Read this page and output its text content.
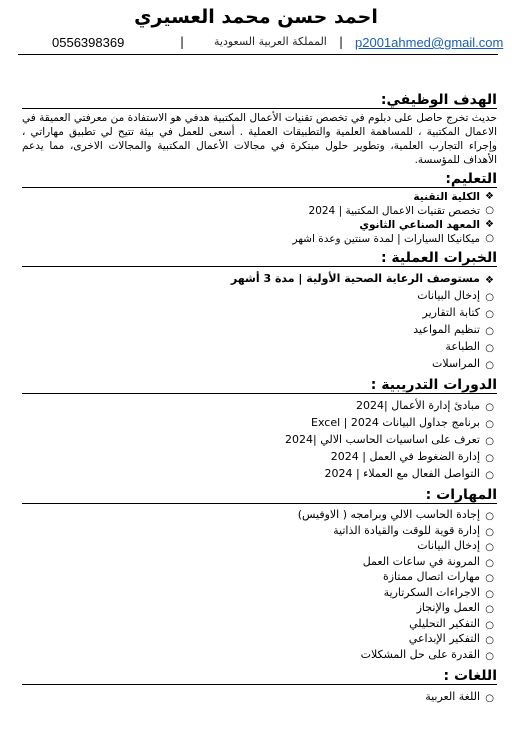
احمد حسن محمد العسيري
0556398369	|	المملكة العربية السعودية | p2001ahmed@gmail.com
الهدف الوظيفي:

حديث تخرج حاصل على دبلوم في تخصص تقنيات الأعمال المكتبية هدفي هو الاستفادة من معرفتي العميقة في الاعمال المكتبية ، للمساهمة العلمية والتطبيقات العملية . أسعى للعمل في بيئة تتيح لي تطبيق مهاراتي ، وإجراء التجارب العلمية، وتطوير حلول مبتكرة في مجالات الأعمال المكتبية والمجالات الاخرى، مما يدعم الأهداف للمؤسسة.

التعليم:
❖
الكلية التقنية
○
تخصص تقنيات الاعمال المكتبية | 2024
❖
المعهد الصناعي الثانوي
○
ميكانيكا السيارات | لمدة سنتين وعدة اشهر
الخبرات العملية :
❖
مستوصف الرعاية الصحية الأولية | مدة 3 أشهر
○
إدخال البيانات
○
كتابة التقارير
○
تنظيم المواعيد
○
الطباعة
○
المراسلات
الدورات التدريبية :
○
مبادئ إدارة الأعمال |2024
○
برنامج جداول البيانات Excel | 2024
○
تعرف على اساسيات الحاسب الالي |2024
○
إدارة الضغوط في العمل | 2024
○
التواصل الفعال مع العملاء | 2024
المهارات :
○
إجادة الحاسب الالي وبرامجه ( الاوفيس)
○
إدارة قوية للوقت والقيادة الذاتية
○
إدخال البيانات
○
المرونة في ساعات العمل
○
مهارات اتصال ممتازة
○
الاجراءات السكرتارية
○
العمل والإنجاز
○
التفكير التحليلي
○
التفكير الإبداعي
○
القدرة على حل المشكلات
اللغات :
○
اللغة العربية
